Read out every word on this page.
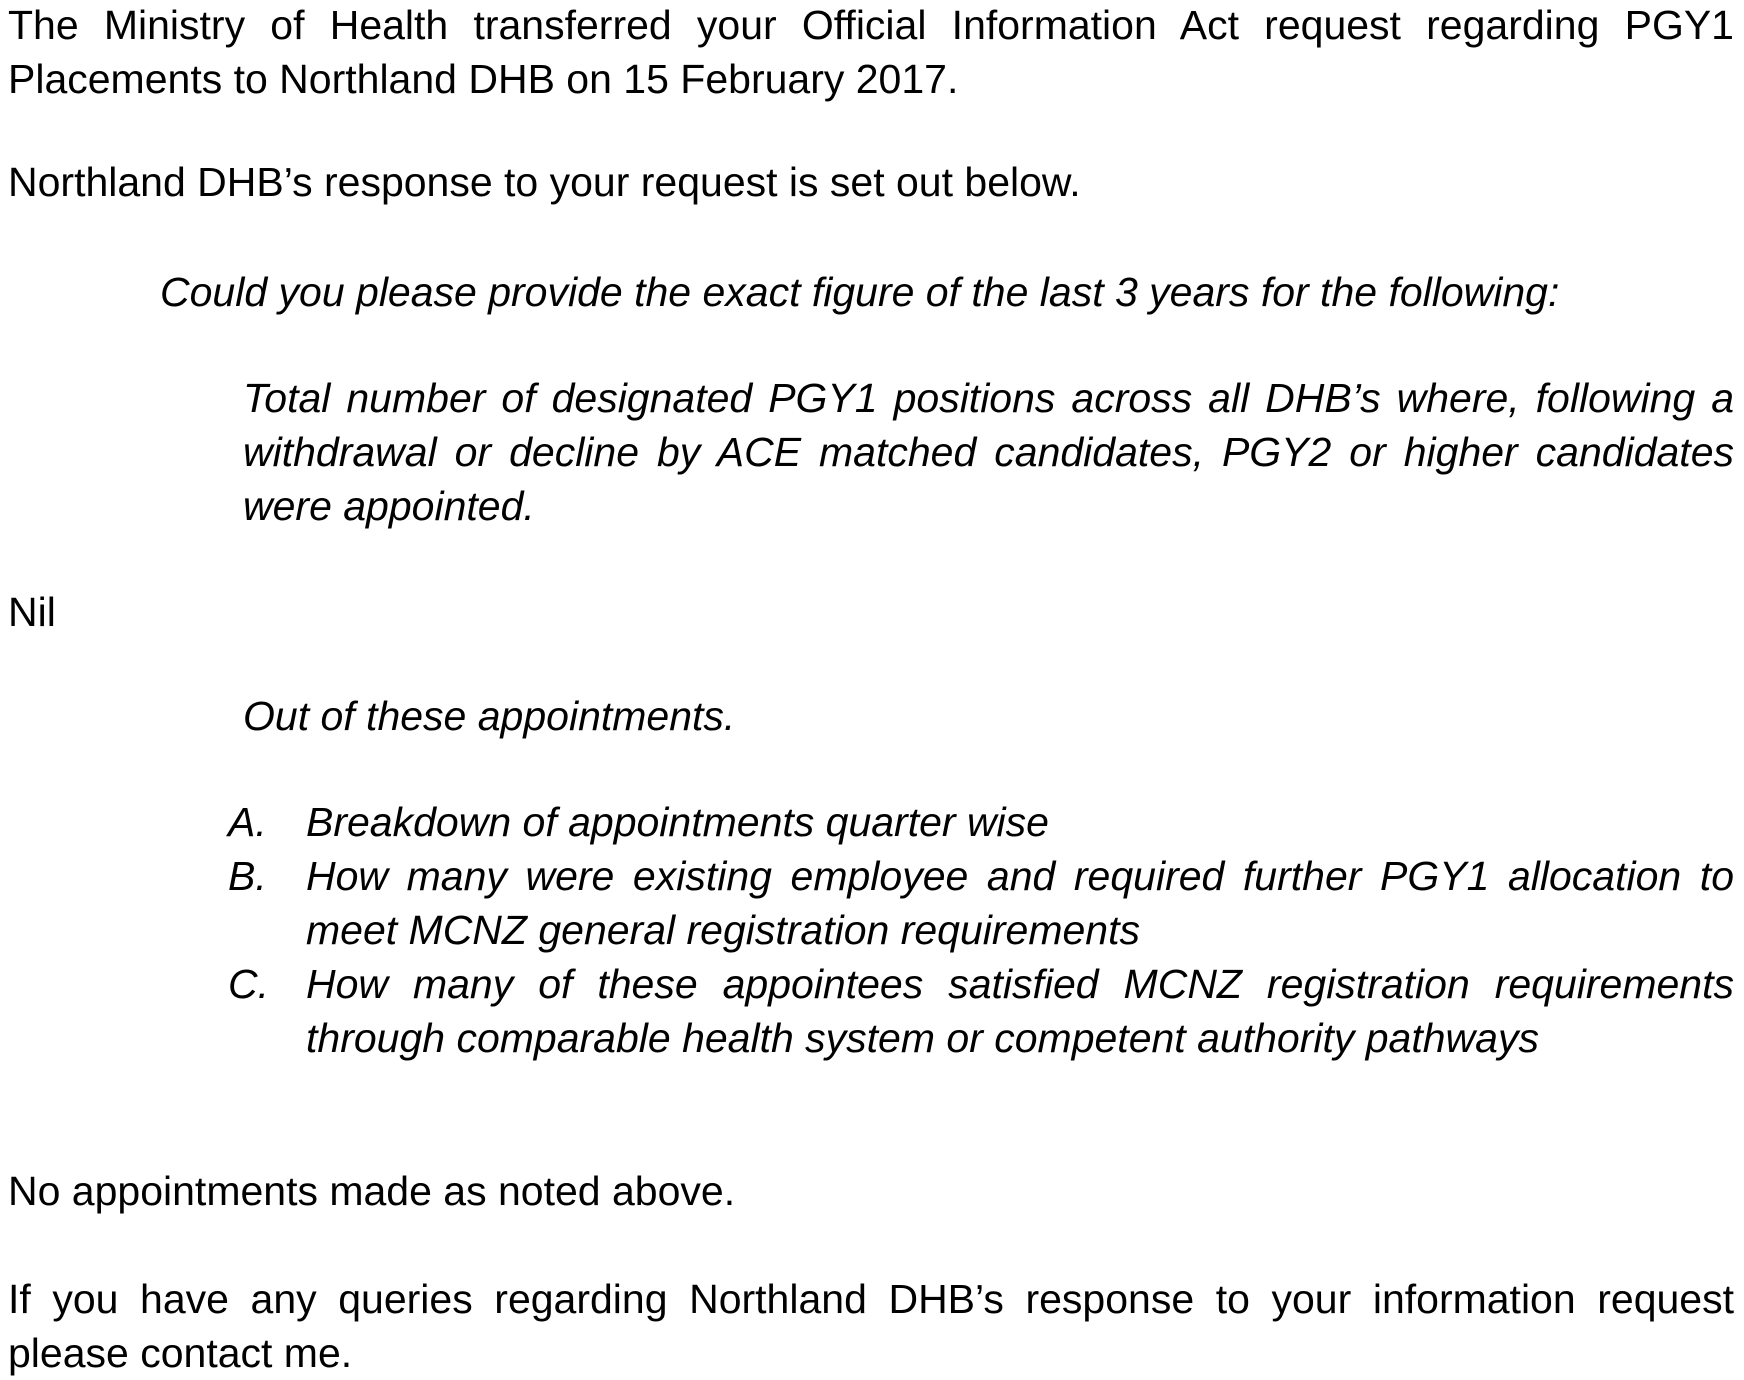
The Ministry of Health transferred your Official Information Act request regarding PGY1 Placements to Northland DHB on 15 February 2017.

Northland DHB’s response to your request is set out below.

Could you please provide the exact figure of the last 3 years for the following:

Total number of designated PGY1 positions across all DHB’s where, following a withdrawal or decline by ACE matched candidates, PGY2 or higher candidates were appointed.

Nil

Out of these appointments.

A. Breakdown of appointments quarter wise
B. How many were existing employee and required further PGY1 allocation to meet MCNZ general registration requirements
C. How many of these appointees satisfied MCNZ registration requirements through comparable health system or competent authority pathways

No appointments made as noted above.

If you have any queries regarding Northland DHB’s response to your information request please contact me.
